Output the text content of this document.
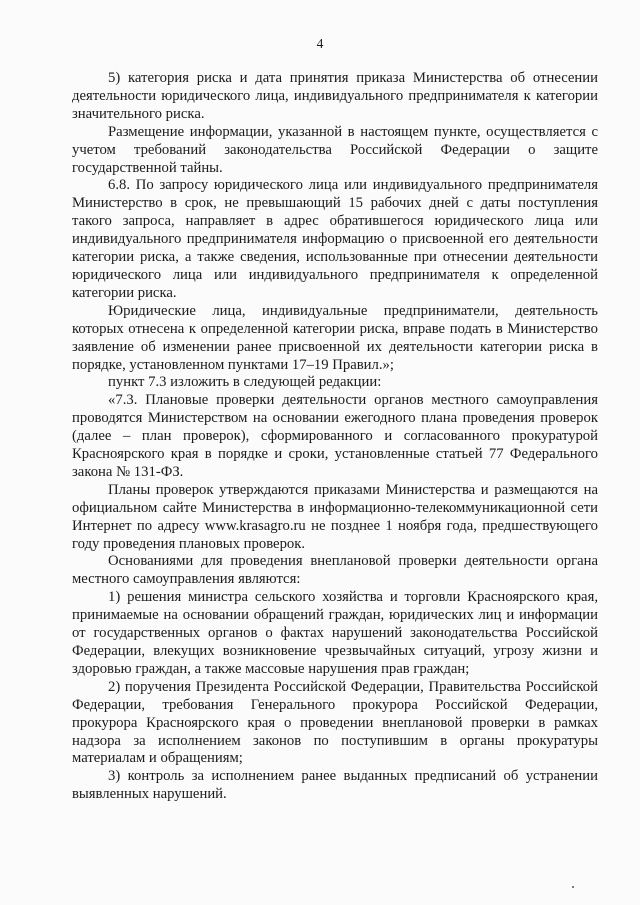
4

5) категория риска и дата принятия приказа Министерства об отнесении деятельности юридического лица, индивидуального предпринимателя к категории значительного риска.

Размещение информации, указанной в настоящем пункте, осуществляется с учетом требований законодательства Российской Федерации о защите государственной тайны.

6.8. По запросу юридического лица или индивидуального предпринимателя Министерство в срок, не превышающий 15 рабочих дней с даты поступления такого запроса, направляет в адрес обратившегося юридического лица или индивидуального предпринимателя информацию о присвоенной его деятельности категории риска, а также сведения, использованные при отнесении деятельности юридического лица или индивидуального предпринимателя к определенной категории риска.

Юридические лица, индивидуальные предприниматели, деятельность которых отнесена к определенной категории риска, вправе подать в Министерство заявление об изменении ранее присвоенной их деятельности категории риска в порядке, установленном пунктами 17–19 Правил.»;

пункт 7.3 изложить в следующей редакции:

«7.3. Плановые проверки деятельности органов местного самоуправления проводятся Министерством на основании ежегодного плана проведения проверок (далее – план проверок), сформированного и согласованного прокуратурой Красноярского края в порядке и сроки, установленные статьей 77 Федерального закона № 131-ФЗ.

Планы проверок утверждаются приказами Министерства и размещаются на официальном сайте Министерства в информационно-телекоммуникационной сети Интернет по адресу www.krasagro.ru не позднее 1 ноября года, предшествующего году проведения плановых проверок.

Основаниями для проведения внеплановой проверки деятельности органа местного самоуправления являются:

1) решения министра сельского хозяйства и торговли Красноярского края, принимаемые на основании обращений граждан, юридических лиц и информации от государственных органов о фактах нарушений законодательства Российской Федерации, влекущих возникновение чрезвычайных ситуаций, угрозу жизни и здоровью граждан, а также массовые нарушения прав граждан;

2) поручения Президента Российской Федерации, Правительства Российской Федерации, требования Генерального прокурора Российской Федерации, прокурора Красноярского края о проведении внеплановой проверки в рамках надзора за исполнением законов по поступившим в органы прокуратуры материалам и обращениям;

3) контроль за исполнением ранее выданных предписаний об устранении выявленных нарушений.
